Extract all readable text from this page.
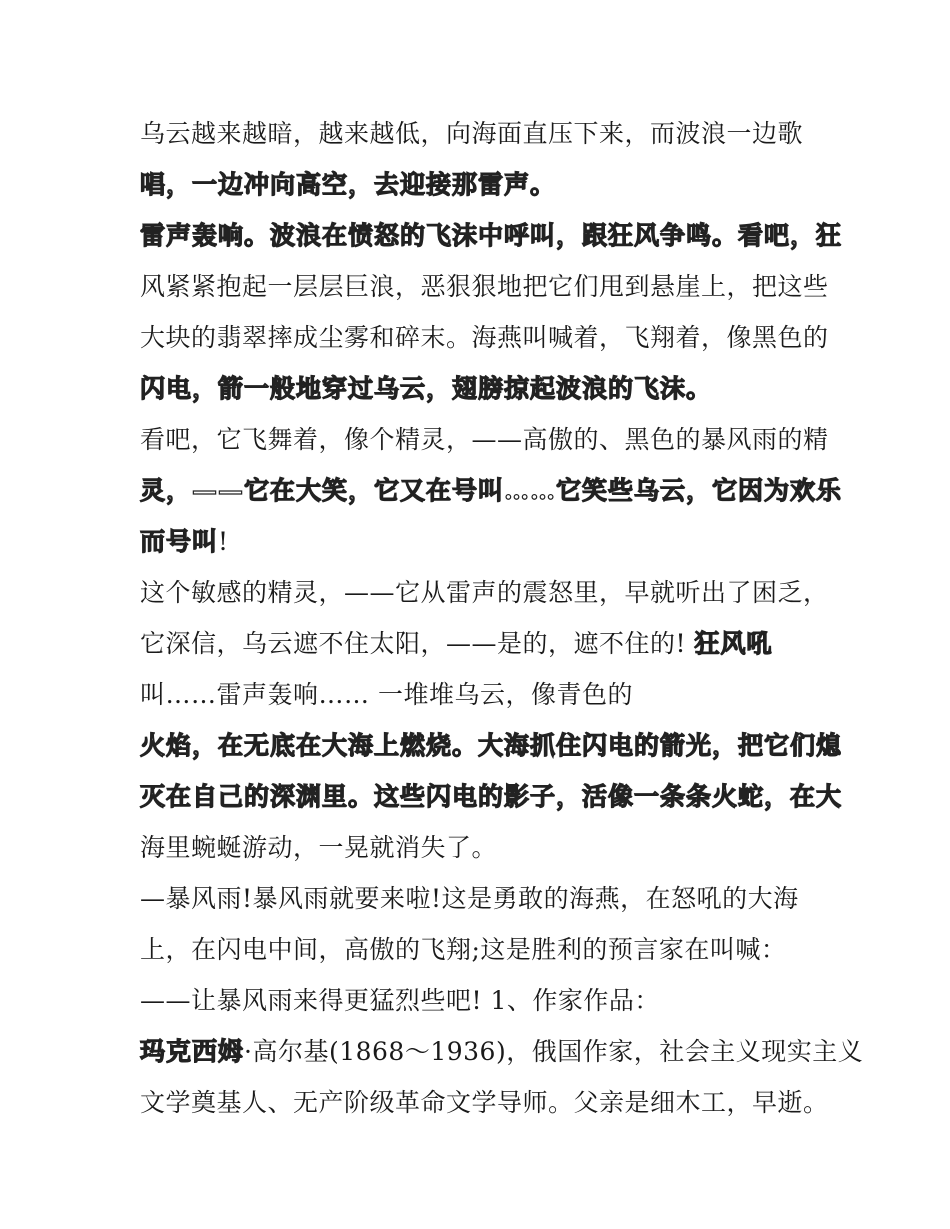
乌云越来越暗，越来越低，向海面直压下来，而波浪一边歌
唱，一边冲向高空，去迎接那雷声。
雷声轰响。波浪在愤怒的飞沫中呼叫，跟狂风争鸣。看吧，狂
风紧紧抱起一层层巨浪，恶狠狠地把它们甩到悬崖上，把这些
大块的翡翠摔成尘雾和碎末。海燕叫喊着，飞翔着，像黑色的
闪电，箭一般地穿过乌云，翅膀掠起波浪的飞沫。
看吧，它飞舞着，像个精灵，——高傲的、黑色的暴风雨的精
灵，——它在大笑，它又在号叫……它笑些乌云，它因为欢乐
而号叫!
这个敏感的精灵，——它从雷声的震怒里，早就听出了困乏，
它深信，乌云遮不住太阳，——是的，遮不住的! 狂风吼
叫……雷声轰响…… 一堆堆乌云，像青色的
火焰，在无底在大海上燃烧。大海抓住闪电的箭光，把它们熄
灭在自己的深渊里。这些闪电的影子，活像一条条火蛇，在大
海里蜿蜒游动，一晃就消失了。
—暴风雨!暴风雨就要来啦!这是勇敢的海燕，在怒吼的大海
上，在闪电中间，高傲的飞翔;这是胜利的预言家在叫喊：
——让暴风雨来得更猛烈些吧! 1、作家作品：
玛克西姆·高尔基(1868～1936)，俄国作家，社会主义现实主义
文学奠基人、无产阶级革命文学导师。父亲是细木工，早逝。
